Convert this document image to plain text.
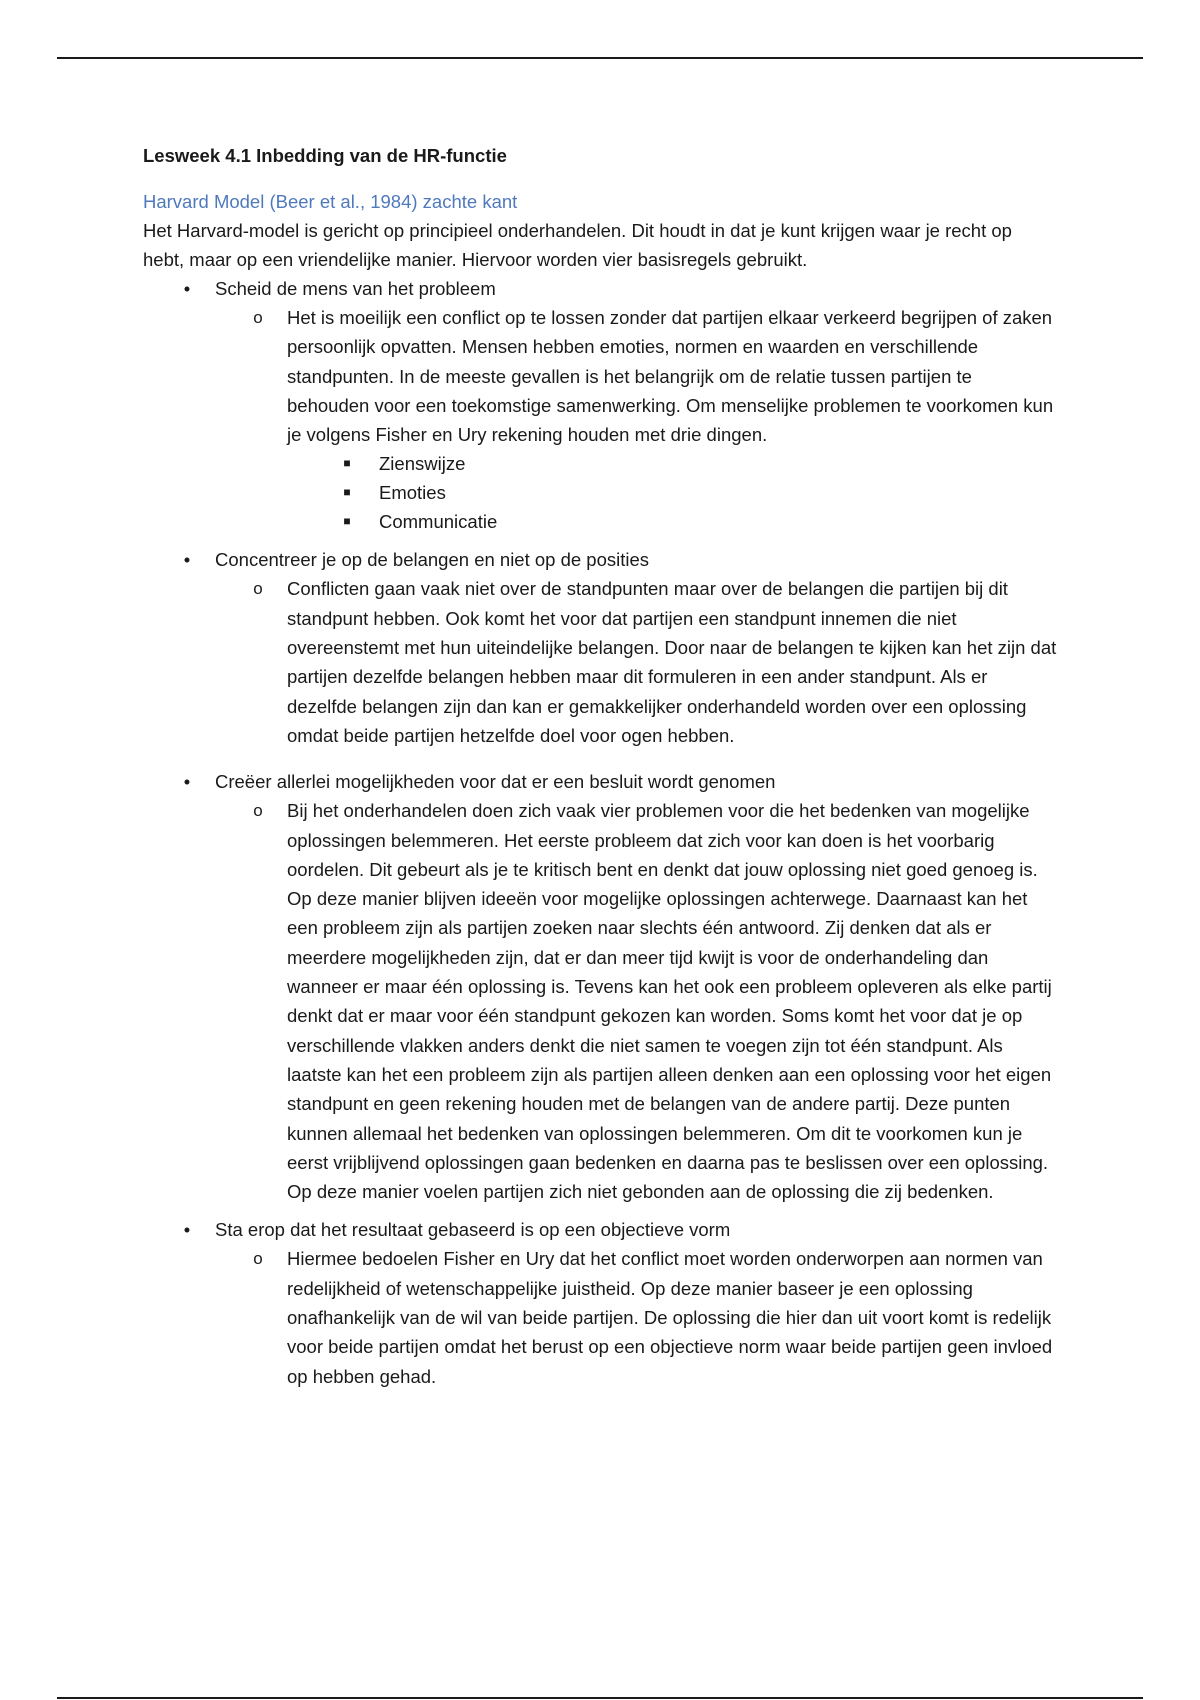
Lesweek 4.1 Inbedding van de HR-functie

Harvard Model (Beer et al., 1984) zachte kant

Het Harvard-model is gericht op principieel onderhandelen. Dit houdt in dat je kunt krijgen waar je recht op hebt, maar op een vriendelijke manier. Hiervoor worden vier basisregels gebruikt.

• Scheid de mens van het probleem
o Het is moeilijk een conflict op te lossen zonder dat partijen elkaar verkeerd begrijpen of zaken persoonlijk opvatten. Mensen hebben emoties, normen en waarden en verschillende standpunten. In de meeste gevallen is het belangrijk om de relatie tussen partijen te behouden voor een toekomstige samenwerking. Om menselijke problemen te voorkomen kun je volgens Fisher en Ury rekening houden met drie dingen.
■ Zienswijze
■ Emoties
■ Communicatie
• Concentreer je op de belangen en niet op de posities
o Conflicten gaan vaak niet over de standpunten maar over de belangen die partijen bij dit standpunt hebben. Ook komt het voor dat partijen een standpunt innemen die niet overeenstemt met hun uiteindelijke belangen. Door naar de belangen te kijken kan het zijn dat partijen dezelfde belangen hebben maar dit formuleren in een ander standpunt. Als er dezelfde belangen zijn dan kan er gemakkelijker onderhandeld worden over een oplossing omdat beide partijen hetzelfde doel voor ogen hebben.
• Creëer allerlei mogelijkheden voor dat er een besluit wordt genomen
o Bij het onderhandelen doen zich vaak vier problemen voor die het bedenken van mogelijke oplossingen belemmeren. Het eerste probleem dat zich voor kan doen is het voorbarig oordelen. Dit gebeurt als je te kritisch bent en denkt dat jouw oplossing niet goed genoeg is. Op deze manier blijven ideeën voor mogelijke oplossingen achterwege. Daarnaast kan het een probleem zijn als partijen zoeken naar slechts één antwoord. Zij denken dat als er meerdere mogelijkheden zijn, dat er dan meer tijd kwijt is voor de onderhandeling dan wanneer er maar één oplossing is. Tevens kan het ook een probleem opleveren als elke partij denkt dat er maar voor één standpunt gekozen kan worden. Soms komt het voor dat je op verschillende vlakken anders denkt die niet samen te voegen zijn tot één standpunt. Als laatste kan het een probleem zijn als partijen alleen denken aan een oplossing voor het eigen standpunt en geen rekening houden met de belangen van de andere partij. Deze punten kunnen allemaal het bedenken van oplossingen belemmeren. Om dit te voorkomen kun je eerst vrijblijvend oplossingen gaan bedenken en daarna pas te beslissen over een oplossing. Op deze manier voelen partijen zich niet gebonden aan de oplossing die zij bedenken.
• Sta erop dat het resultaat gebaseerd is op een objectieve vorm
o Hiermee bedoelen Fisher en Ury dat het conflict moet worden onderworpen aan normen van redelijkheid of wetenschappelijke juistheid. Op deze manier baseer je een oplossing onafhankelijk van de wil van beide partijen. De oplossing die hier dan uit voort komt is redelijk voor beide partijen omdat het berust op een objectieve norm waar beide partijen geen invloed op hebben gehad.
